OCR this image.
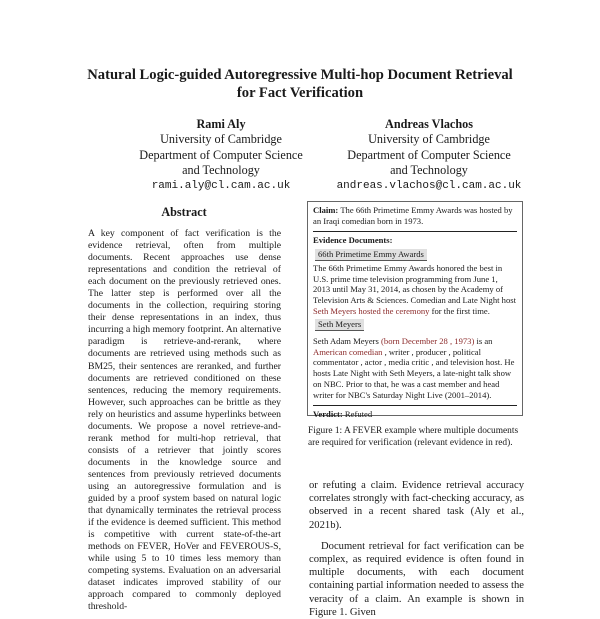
Natural Logic-guided Autoregressive Multi-hop Document Retrieval
for Fact Verification
Rami Aly
University of Cambridge
Department of Computer Science
and Technology
rami.aly@cl.cam.ac.uk
Andreas Vlachos
University of Cambridge
Department of Computer Science
and Technology
andreas.vlachos@cl.cam.ac.uk
Abstract
A key component of fact verification is the evidence retrieval, often from multiple documents. Recent approaches use dense representations and condition the retrieval of each document on the previously retrieved ones. The latter step is performed over all the documents in the collection, requiring storing their dense representations in an index, thus incurring a high memory footprint. An alternative paradigm is retrieve-and-rerank, where documents are retrieved using methods such as BM25, their sentences are reranked, and further documents are retrieved conditioned on these sentences, reducing the memory requirements. However, such approaches can be brittle as they rely on heuristics and assume hyperlinks between documents. We propose a novel retrieve-and-rerank method for multi-hop retrieval, that consists of a retriever that jointly scores documents in the knowledge source and sentences from previously retrieved documents using an autoregressive formulation and is guided by a proof system based on natural logic that dynamically terminates the retrieval process if the evidence is deemed sufficient. This method is competitive with current state-of-the-art methods on FEVER, HoVer and FEVEROUS-S, while using 5 to 10 times less memory than competing systems. Evaluation on an adversarial dataset indicates improved stability of our approach compared to commonly deployed threshold-
Claim: The 66th Primetime Emmy Awards was hosted by an Iraqi comedian born in 1973.
Evidence Documents:
66th Primetime Emmy Awards
The 66th Primetime Emmy Awards honored the best in U.S. prime time television programming from June 1, 2013 until May 31, 2014, as chosen by the Academy of Television Arts & Sciences. Comedian and Late Night host Seth Meyers hosted the ceremony for the first time.
Seth Meyers
Seth Adam Meyers (born December 28 , 1973) is an American comedian , writer , producer , political commentator , actor , media critic , and television host. He hosts Late Night with Seth Meyers, a late-night talk show on NBC. Prior to that, he was a cast member and head writer for NBC's Saturday Night Live (2001–2014).
Verdict: Refuted
Figure 1: A FEVER example where multiple documents are required for verification (relevant evidence in red).

or refuting a claim. Evidence retrieval accuracy correlates strongly with fact-checking accuracy, as observed in a recent shared task (Aly et al., 2021b).

Document retrieval for fact verification can be complex, as required evidence is often found in multiple documents, with each document containing partial information needed to assess the veracity of a claim. An example is shown in Figure 1. Given
